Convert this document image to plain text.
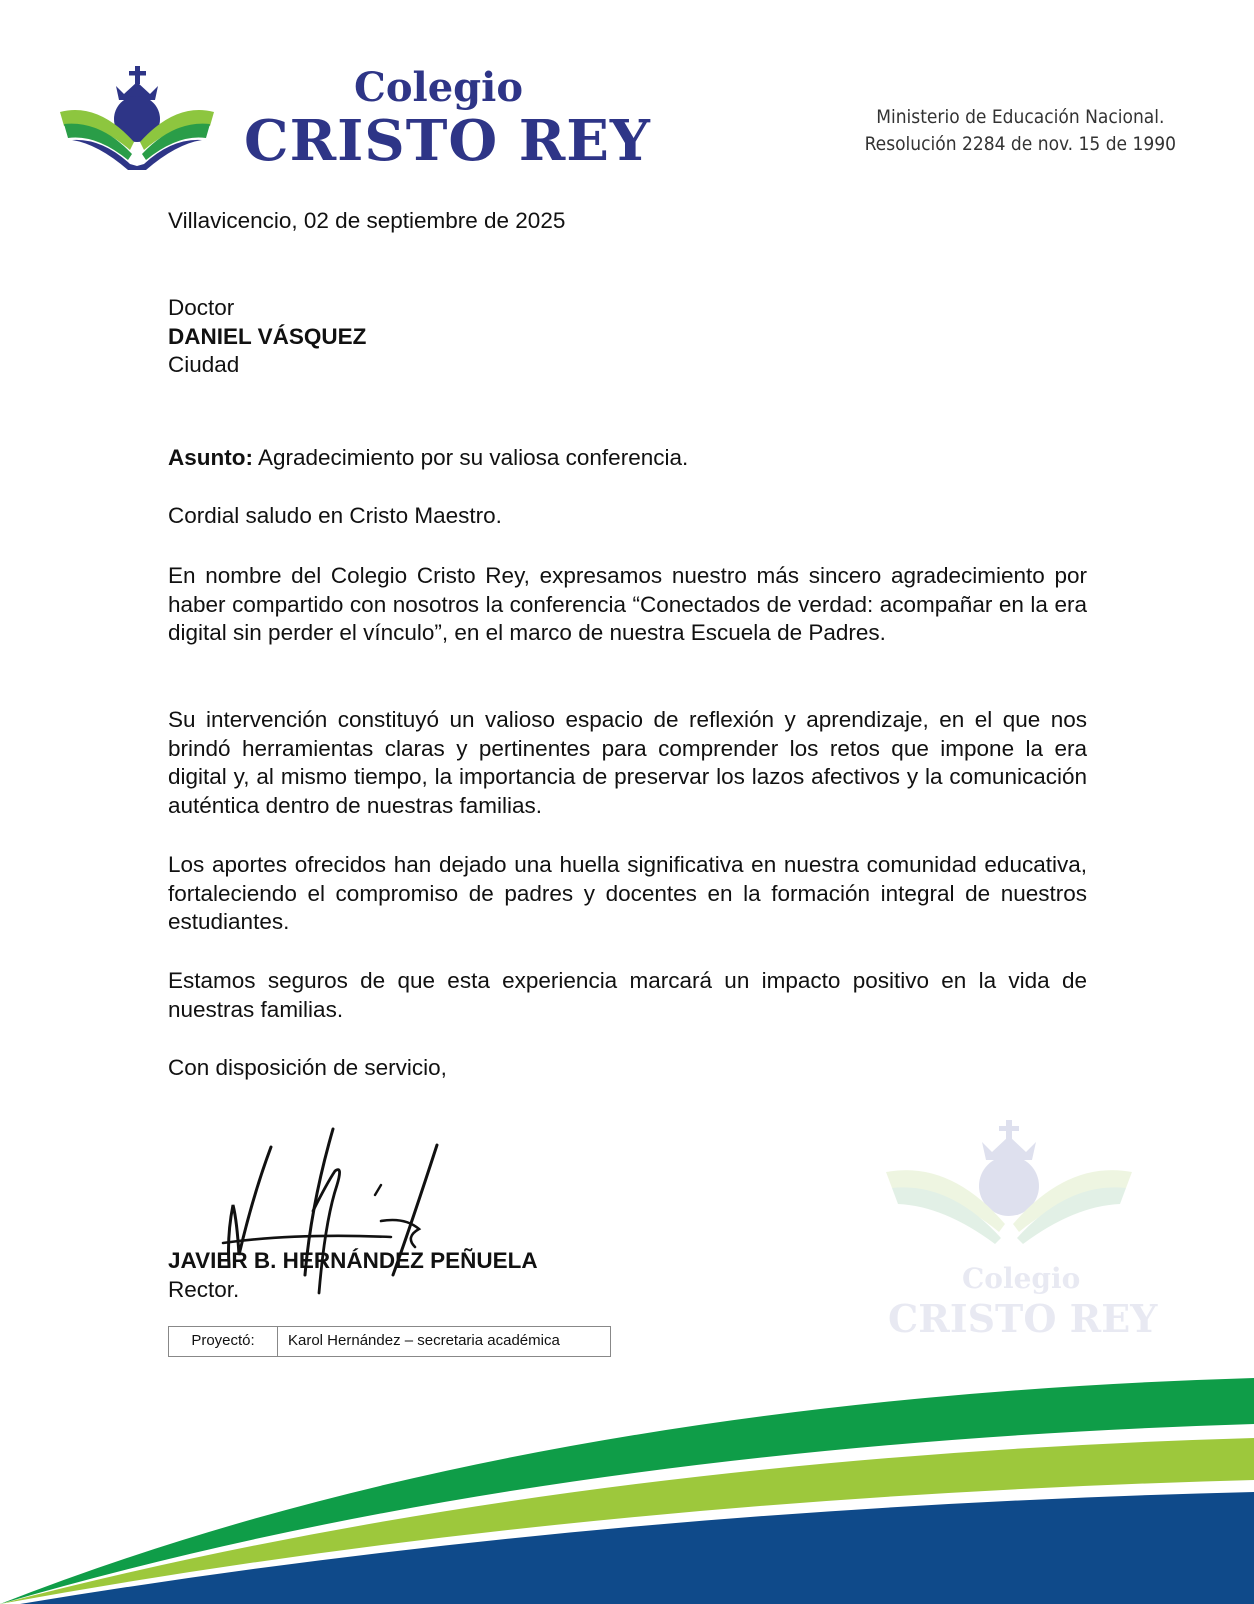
Colegio
CRISTO REY	Ministerio de Educación Nacional.
Resolución 2284 de nov. 15 de 1990
Villavicencio, 02 de septiembre de 2025
Doctor
DANIEL VÁSQUEZ
Ciudad
Asunto: Agradecimiento por su valiosa conferencia.
Cordial saludo en Cristo Maestro.
En nombre del Colegio Cristo Rey, expresamos nuestro más sincero agradecimiento por haber compartido con nosotros la conferencia “Conectados de verdad: acompañar en la era digital sin perder el vínculo”, en el marco de nuestra Escuela de Padres.
Su intervención constituyó un valioso espacio de reflexión y aprendizaje, en el que nos brindó herramientas claras y pertinentes para comprender los retos que impone la era digital y, al mismo tiempo, la importancia de preservar los lazos afectivos y la comunicación auténtica dentro de nuestras familias.
Los aportes ofrecidos han dejado una huella significativa en nuestra comunidad educativa, fortaleciendo el compromiso de padres y docentes en la formación integral de nuestros estudiantes.
Estamos seguros de que esta experiencia marcará un impacto positivo en la vida de nuestras familias.
Con disposición de servicio,
JAVIER B. HERNÁNDEZ PEÑUELA
Rector.
Proyectó:	Karol Hernández – secretaria académica
Colegio
CRISTO REY
